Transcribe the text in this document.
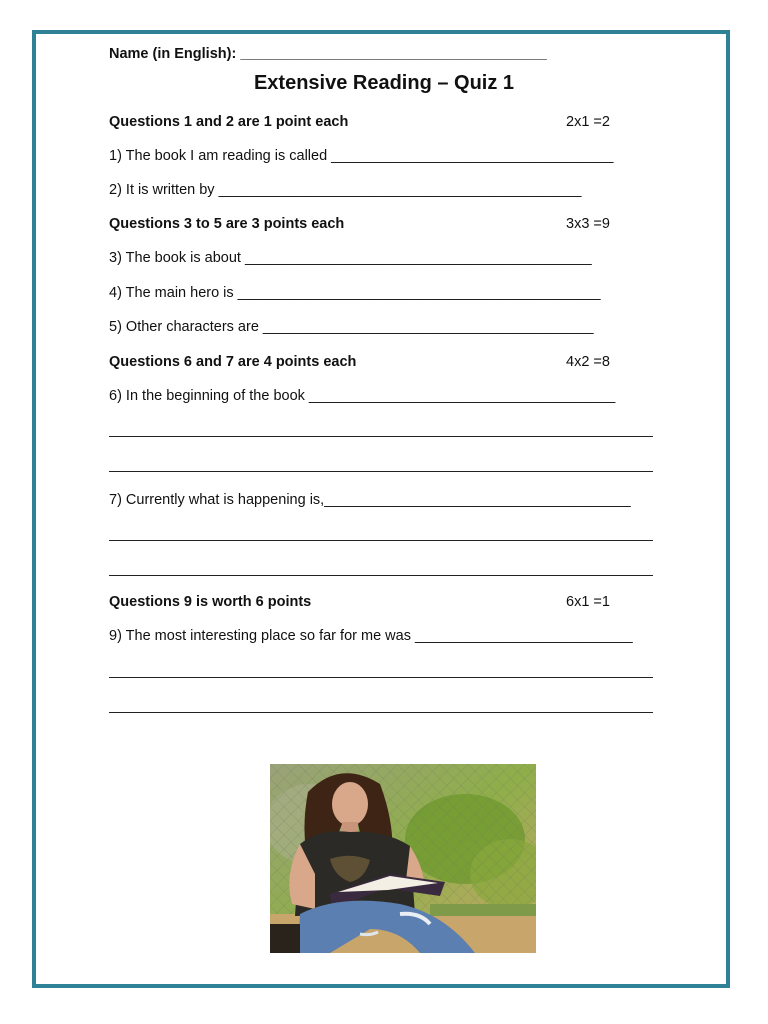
Name (in English): ______________________________________
Extensive Reading – Quiz 1
Questions 1 and 2 are 1 point each	2x1 =2
1) The book I am reading is called ___________________________________
2) It is written by _____________________________________________
Questions 3 to 5 are 3 points each	3x3 =9
3) The book is about ___________________________________________
4) The main hero is _____________________________________________
5) Other characters are _________________________________________
Questions 6 and 7 are 4 points each	4x2 =8
6) In the beginning of the book ______________________________________
7) Currently what is happening is,______________________________________
Questions 9 is worth 6 points	6x1 =1
9) The most interesting place so far for me was ___________________________
